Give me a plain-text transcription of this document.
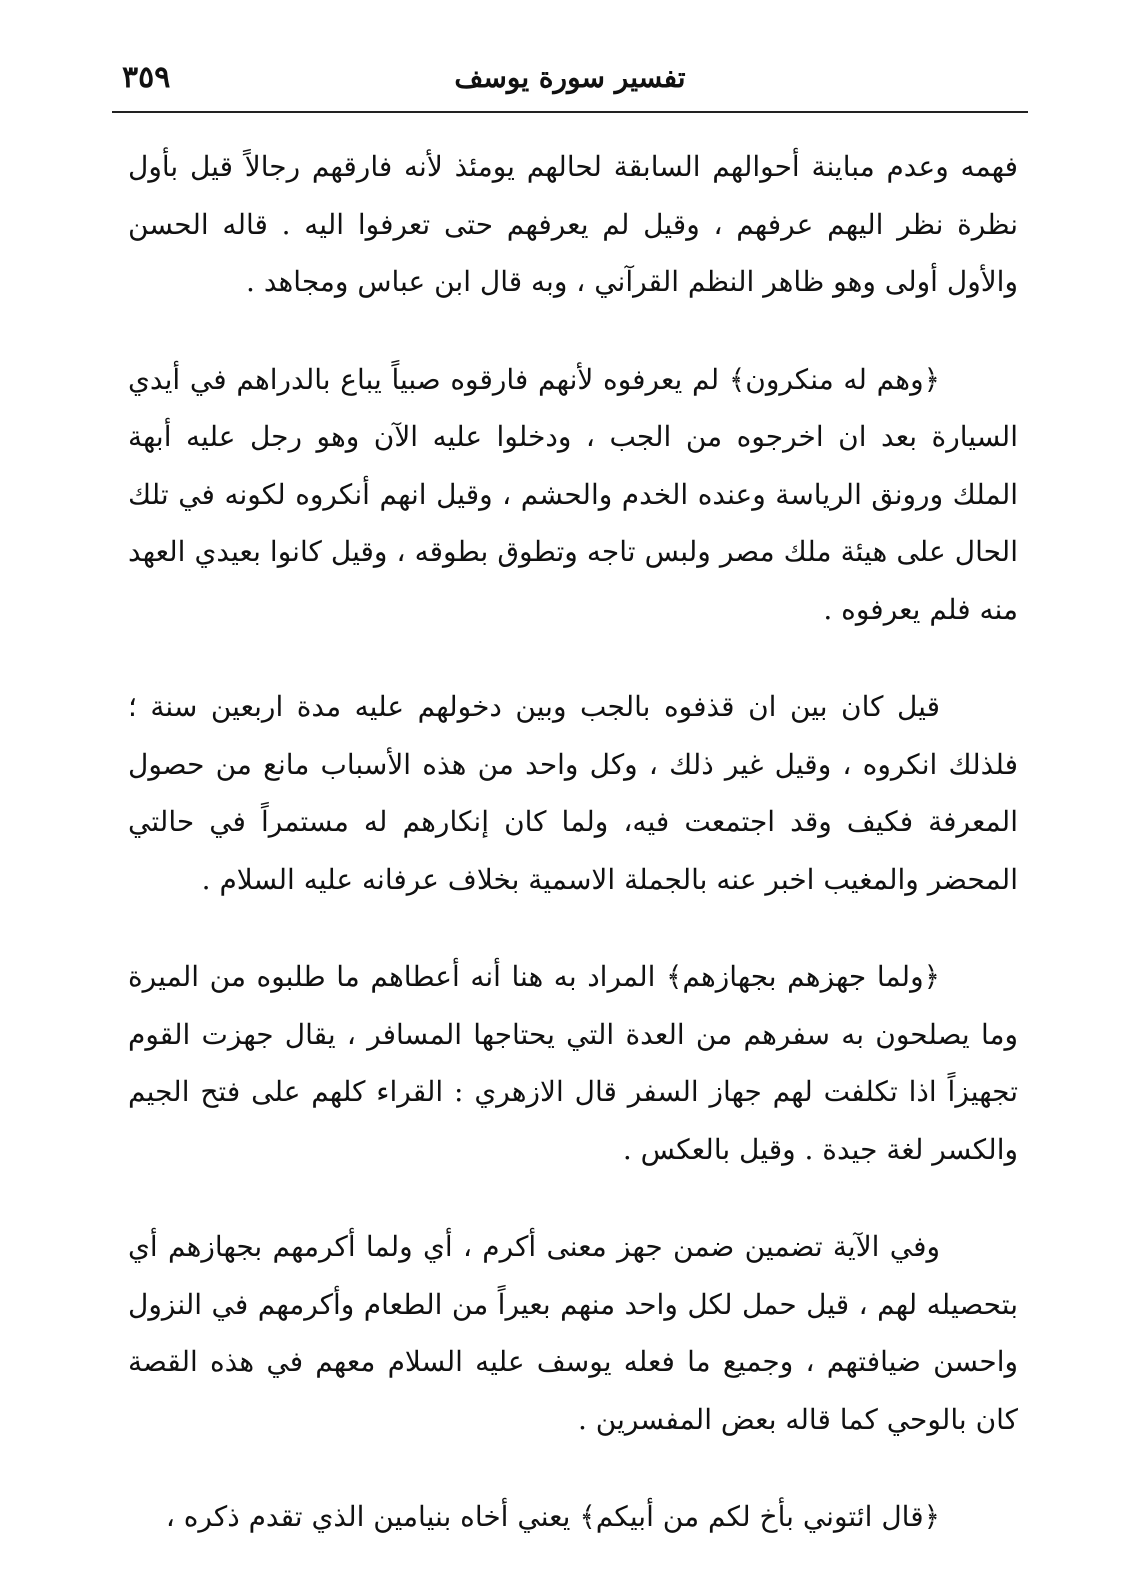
٣٥٩	تفسير سورة يوسف

فهمه وعدم مباينة أحوالهم السابقة لحالهم يومئذ لأنه فارقهم رجالاً قيل بأول نظرة نظر اليهم عرفهم ، وقيل لم يعرفهم حتى تعرفوا اليه . قاله الحسن والأول أولى وهو ظاهر النظم القرآني ، وبه قال ابن عباس ومجاهد .

﴿وهم له منكرون﴾ لم يعرفوه لأنهم فارقوه صبياً يباع بالدراهم في أيدي السيارة بعد ان اخرجوه من الجب ، ودخلوا عليه الآن وهو رجل عليه أبهة الملك ورونق الرياسة وعنده الخدم والحشم ، وقيل انهم أنكروه لكونه في تلك الحال على هيئة ملك مصر ولبس تاجه وتطوق بطوقه ، وقيل كانوا بعيدي العهد منه فلم يعرفوه .

قيل كان بين ان قذفوه بالجب وبين دخولهم عليه مدة اربعين سنة ؛ فلذلك انكروه ، وقيل غير ذلك ، وكل واحد من هذه الأسباب مانع من حصول المعرفة فكيف وقد اجتمعت فيه، ولما كان إنكارهم له مستمراً في حالتي المحضر والمغيب اخبر عنه بالجملة الاسمية بخلاف عرفانه عليه السلام .

﴿ولما جهزهم بجهازهم﴾ المراد به هنا أنه أعطاهم ما طلبوه من الميرة وما يصلحون به سفرهم من العدة التي يحتاجها المسافر ، يقال جهزت القوم تجهيزاً اذا تكلفت لهم جهاز السفر قال الازهري : القراء كلهم على فتح الجيم والكسر لغة جيدة . وقيل بالعكس .

وفي الآية تضمين ضمن جهز معنى أكرم ، أي ولما أكرمهم بجهازهم أي بتحصيله لهم ، قيل حمل لكل واحد منهم بعيراً من الطعام وأكرمهم في النزول واحسن ضيافتهم ، وجميع ما فعله يوسف عليه السلام معهم في هذه القصة كان بالوحي كما قاله بعض المفسرين .

﴿قال ائتوني بأخ لكم من أبيكم﴾ يعني أخاه بنيامين الذي تقدم ذكره ،
